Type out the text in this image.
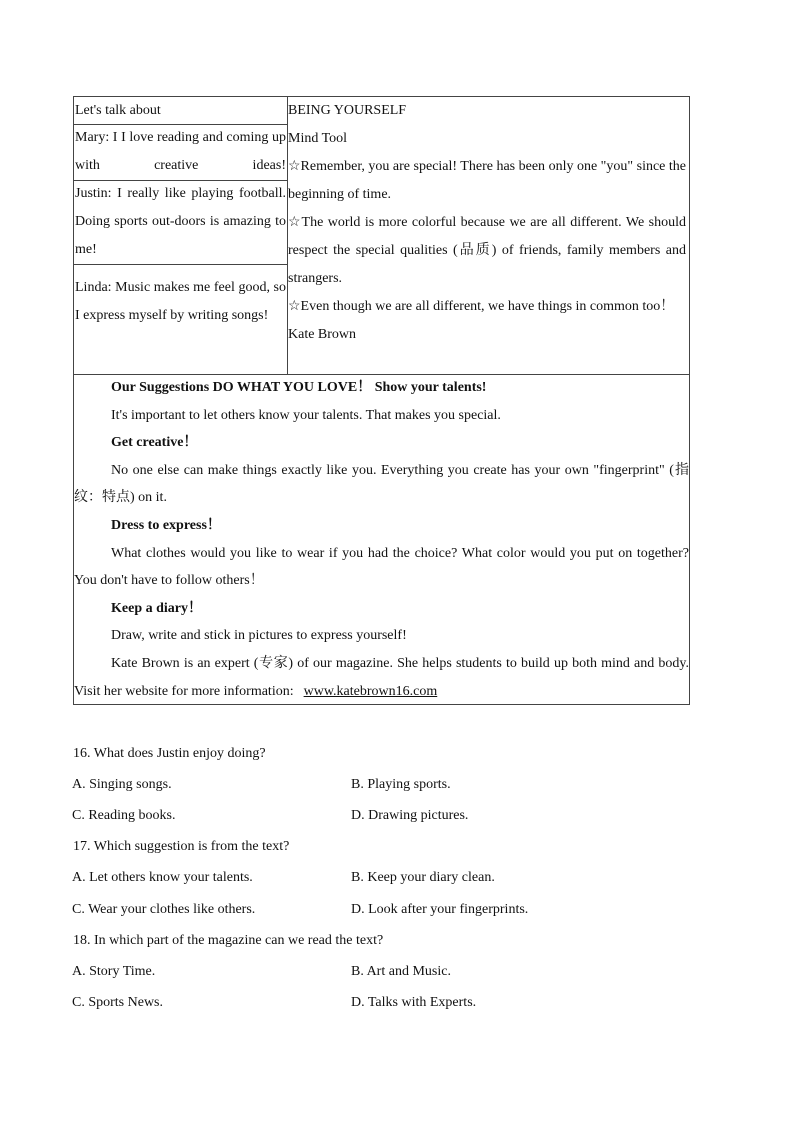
Let's talk about
Mary: I I love reading and coming up with creative ideas!
Justin: I really like playing football. Doing sports out-doors is amazing to me!
Linda: Music makes me feel good, so I express myself by writing songs!
BEING YOURSELF
Mind Tool

☆Remember, you are special! There has been only one "you" since the beginning of time.

☆The world is more colorful because we are all different. We should respect the special qualities (品质) of friends, family members and strangers.

☆Even though we are all different, we have things in common too！

Kate Brown

Our Suggestions DO WHAT YOU LOVE！ Show your talents!

It's important to let others know your talents. That makes you special.

Get creative！

No one else can make things exactly like you. Everything you create has your own "fingerprint" (指纹：特点) on it.

Dress to express！

What clothes would you like to wear if you had the choice? What color would you put on together? You don't have to follow others！

Keep a diary！

Draw, write and stick in pictures to express yourself!

Kate Brown is an expert (专家) of our magazine. She helps students to build up both mind and body. Visit her website for more information: www.katebrown16.com

16. What does Justin enjoy doing?
A. Singing songs.	B. Playing sports.
C. Reading books.	D. Drawing pictures.
17. Which suggestion is from the text?
A. Let others know your talents.	B. Keep your diary clean.
C. Wear your clothes like others.	D. Look after your fingerprints.
18. In which part of the magazine can we read the text?
A. Story Time.	B. Art and Music.
C. Sports News.	D. Talks with Experts.
